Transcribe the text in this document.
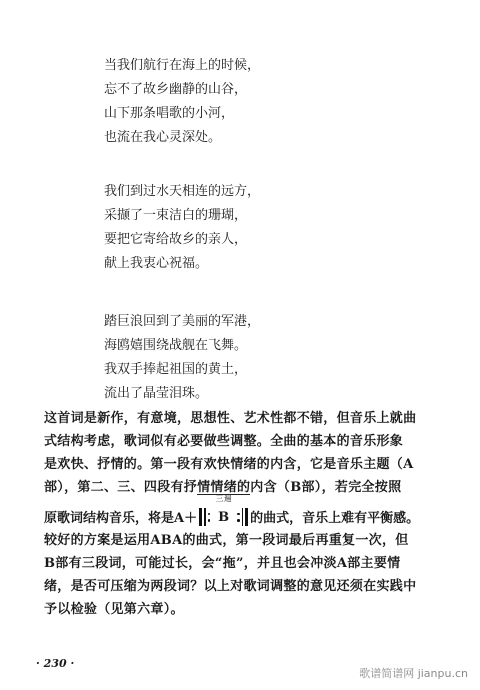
当我们航行在海上的时候，
忘不了故乡幽静的山谷，
山下那条唱歌的小河，
也流在我心灵深处。
我们到过水天相连的远方，
采撷了一束洁白的珊瑚，
要把它寄给故乡的亲人，
献上我衷心祝福。
踏巨浪回到了美丽的军港，
海鸥嬉围绕战舰在飞舞。
我双手捧起祖国的黄土，
流出了晶莹泪珠。
这首词是新作，有意境，思想性、艺术性都不错，但音乐上就曲
式结构考虑，歌词似有必要做些调整。全曲的基本的音乐形象
是欢快、抒情的。第一段有欢快情绪的内含，它是音乐主题（A
部），第二、三、四段有抒情情绪的内含（B部），若完全按照
原歌词结构音乐，将是A＋
三遍
B	的曲式，音乐上难有平衡感。
较好的方案是运用ABA的曲式，第一段词最后再重复一次，但
B部有三段词，可能过长，会“拖”，并且也会冲淡A部主要情
绪，是否可压缩为两段词？以上对歌词调整的意见还须在实践中
予以检验（见第六章）。
· 230 ·
歌谱简谱网 jianpu.cn
